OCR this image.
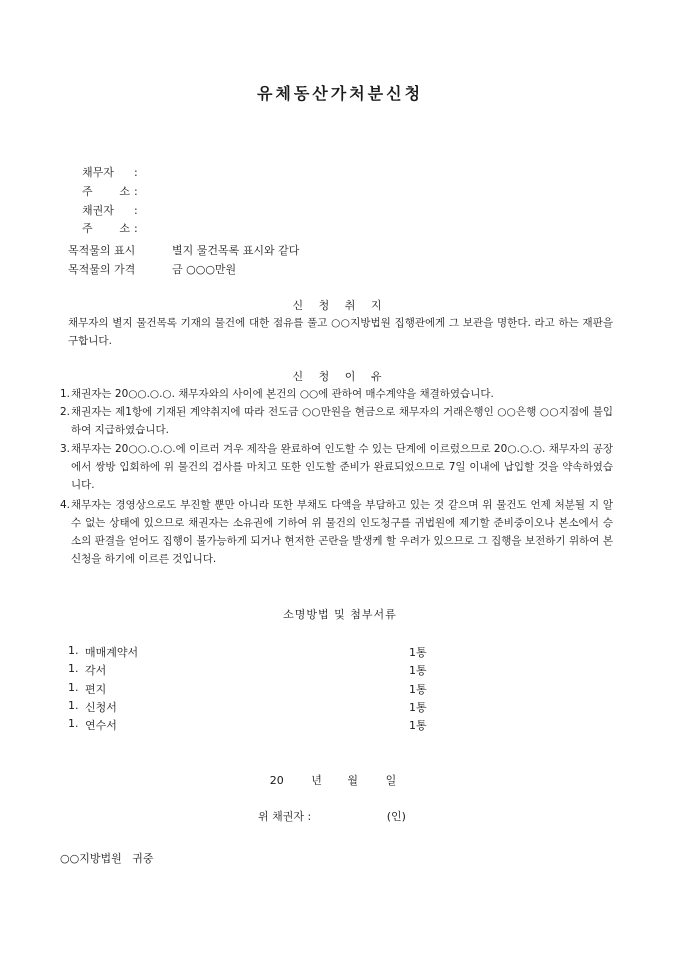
유체동산가처분신청
채무자 :
주 소 :
채권자 :
주 소 :
목적물의 표시	별지 물건목록 표시와 같다
목적물의 가격	금 ○○○만원
신 청 취 지
채무자의 별지 물건목록 기재의 물건에 대한 점유를 풀고 ○○지방법원 집행관에게 그 보관을 명한다. 라고 하는 재판을 구합니다.
신 청 이 유
1. 채권자는 20○○.○.○. 채무자와의 사이에 본건의 ○○에 관하여 매수계약을 채결하였습니다.
2. 채권자는 제1항에 기재된 계약취지에 따라 전도금 ○○만원을 현금으로 채무자의 거래은행인 ○○은행 ○○지점에 불입하여 지급하였습니다.
3. 채무자는 20○○.○.○.에 이르러 겨우 제작을 완료하여 인도할 수 있는 단계에 이르렀으므로 20○.○.○. 채무자의 공장에서 쌍방 입회하에 위 물건의 검사를 마치고 또한 인도할 준비가 완료되었으므로 7일 이내에 납입할 것을 약속하였습니다.
4. 채무자는 경영상으로도 부진할 뿐만 아니라 또한 부채도 다액을 부담하고 있는 것 같으며 위 물건도 언제 처분될 지 알수 없는 상태에 있으므로 채권자는 소유권에 기하여 위 물건의 인도청구를 귀법원에 제기할 준비중이오나 본소에서 승소의 판결을 얻어도 집행이 불가능하게 되거나 현저한 곤란을 발생케 할 우려가 있으므로 그 집행을 보전하기 위하여 본 신청을 하기에 이르른 것입니다.
소명방법 및 첨부서류
1. 매매계약서	1통
1. 각서	1통
1. 편지	1통
1. 신청서	1통
1. 연수서	1통
20	년 월	일
위 채권자 :	(인)
○○지방법원   귀중
